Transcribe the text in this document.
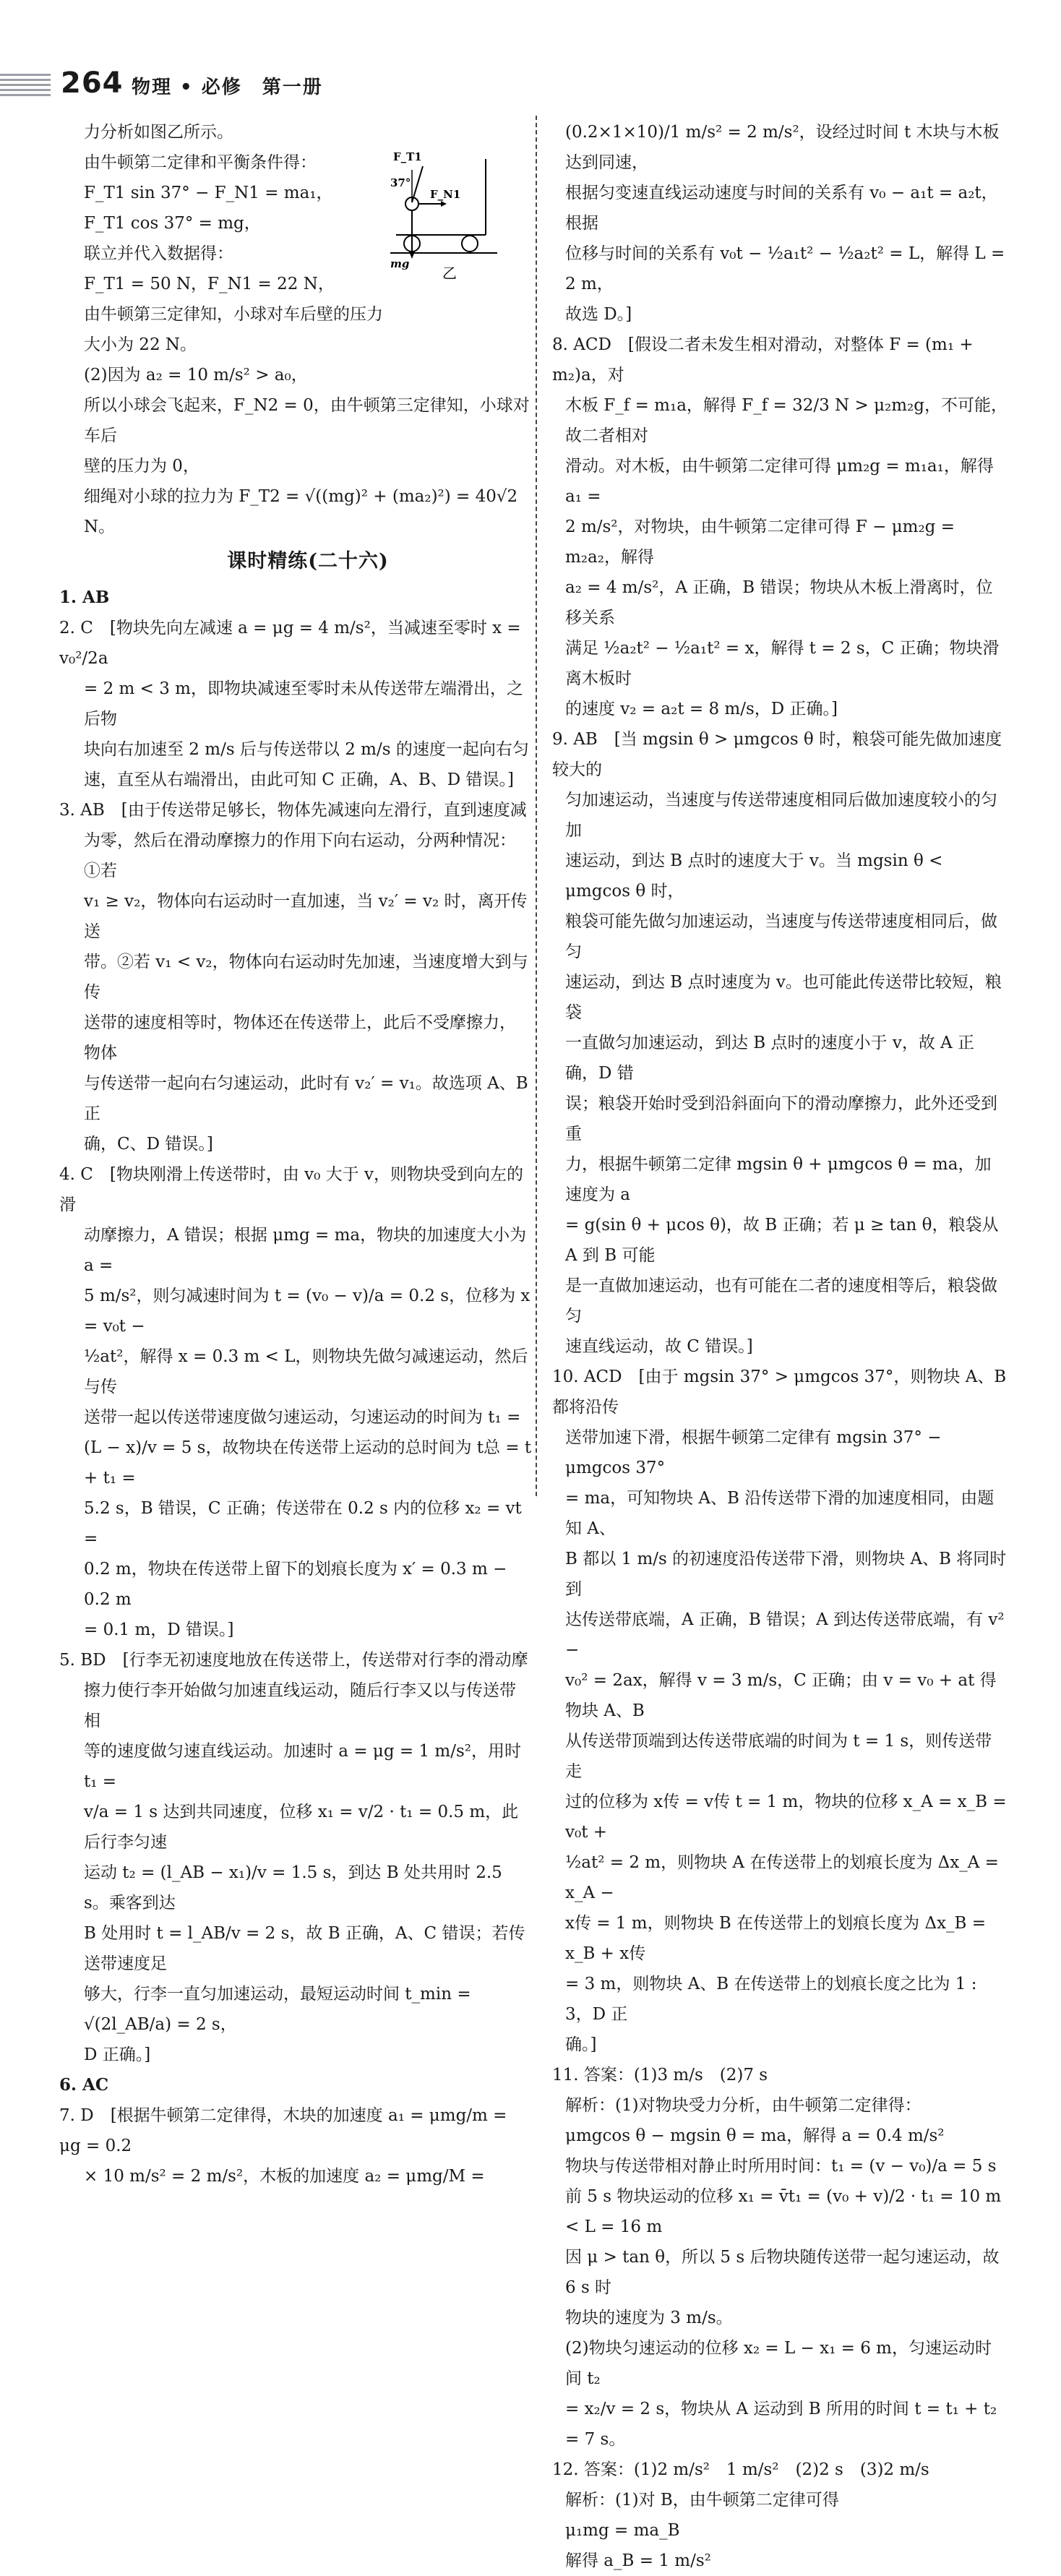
264 物理 • 必修　第一册
F_T1
37°
F_N1
mg
乙

力分析如图乙所示。

由牛顿第二定律和平衡条件得：

F_T1 sin 37° − F_N1 = ma₁，

F_T1 cos 37° = mg，

联立并代入数据得：

F_T1 = 50 N，F_N1 = 22 N，

由牛顿第三定律知，小球对车后壁的压力

大小为 22 N。

(2)因为 a₂ = 10 m/s² > a₀，

所以小球会飞起来，F_N2 = 0，由牛顿第三定律知，小球对车后

壁的压力为 0，

细绳对小球的拉力为 F_T2 = √((mg)² + (ma₂)²) = 40√2 N。

课时精练(二十六)

1. AB

2. C　[物块先向左减速 a = μg = 4 m/s²，当减速至零时 x = v₀²/2a

= 2 m < 3 m，即物块减速至零时未从传送带左端滑出，之后物

块向右加速至 2 m/s 后与传送带以 2 m/s 的速度一起向右匀

速，直至从右端滑出，由此可知 C 正确，A、B、D 错误。]

3. AB　[由于传送带足够长，物体先减速向左滑行，直到速度减

为零，然后在滑动摩擦力的作用下向右运动，分两种情况：①若

v₁ ≥ v₂，物体向右运动时一直加速，当 v₂′ = v₂ 时，离开传送

带。②若 v₁ < v₂，物体向右运动时先加速，当速度增大到与传

送带的速度相等时，物体还在传送带上，此后不受摩擦力，物体

与传送带一起向右匀速运动，此时有 v₂′ = v₁。故选项 A、B 正

确，C、D 错误。]

4. C　[物块刚滑上传送带时，由 v₀ 大于 v，则物块受到向左的滑

动摩擦力，A 错误；根据 μmg = ma，物块的加速度大小为 a =

5 m/s²，则匀减速时间为 t = (v₀ − v)/a = 0.2 s，位移为 x = v₀t −

½at²，解得 x = 0.3 m < L，则物块先做匀减速运动，然后与传

送带一起以传送带速度做匀速运动，匀速运动的时间为 t₁ =

(L − x)/v = 5 s，故物块在传送带上运动的总时间为 t总 = t + t₁ =

5.2 s，B 错误，C 正确；传送带在 0.2 s 内的位移 x₂ = vt =

0.2 m，物块在传送带上留下的划痕长度为 x′ = 0.3 m − 0.2 m

= 0.1 m，D 错误。]

5. BD　[行李无初速度地放在传送带上，传送带对行李的滑动摩

擦力使行李开始做匀加速直线运动，随后行李又以与传送带相

等的速度做匀速直线运动。加速时 a = μg = 1 m/s²，用时 t₁ =

v/a = 1 s 达到共同速度，位移 x₁ = v/2 · t₁ = 0.5 m，此后行李匀速

运动 t₂ = (l_AB − x₁)/v = 1.5 s，到达 B 处共用时 2.5 s。乘客到达

B 处用时 t = l_AB/v = 2 s，故 B 正确，A、C 错误；若传送带速度足

够大，行李一直匀加速运动，最短运动时间 t_min = √(2l_AB/a) = 2 s，

D 正确。]

6. AC

7. D　[根据牛顿第二定律得，木块的加速度 a₁ = μmg/m = μg = 0.2

× 10 m/s² = 2 m/s²，木板的加速度 a₂ = μmg/M =

(0.2×1×10)/1 m/s² = 2 m/s²，设经过时间 t 木块与木板达到同速，

根据匀变速直线运动速度与时间的关系有 v₀ − a₁t = a₂t，根据

位移与时间的关系有 v₀t − ½a₁t² − ½a₂t² = L，解得 L = 2 m，

故选 D。]

8. ACD　[假设二者未发生相对滑动，对整体 F = (m₁ + m₂)a，对

木板 F_f = m₁a，解得 F_f = 32/3 N > μ₂m₂g，不可能，故二者相对

滑动。对木板，由牛顿第二定律可得 μm₂g = m₁a₁，解得 a₁ =

2 m/s²，对物块，由牛顿第二定律可得 F − μm₂g = m₂a₂，解得

a₂ = 4 m/s²，A 正确，B 错误；物块从木板上滑离时，位移关系

满足 ½a₂t² − ½a₁t² = x，解得 t = 2 s，C 正确；物块滑离木板时

的速度 v₂ = a₂t = 8 m/s，D 正确。]

9. AB　[当 mgsin θ > μmgcos θ 时，粮袋可能先做加速度较大的

匀加速运动，当速度与传送带速度相同后做加速度较小的匀加

速运动，到达 B 点时的速度大于 v。当 mgsin θ < μmgcos θ 时，

粮袋可能先做匀加速运动，当速度与传送带速度相同后，做匀

速运动，到达 B 点时速度为 v。也可能此传送带比较短，粮袋

一直做匀加速运动，到达 B 点时的速度小于 v，故 A 正确，D 错

误；粮袋开始时受到沿斜面向下的滑动摩擦力，此外还受到重

力，根据牛顿第二定律 mgsin θ + μmgcos θ = ma，加速度为 a

= g(sin θ + μcos θ)，故 B 正确；若 μ ≥ tan θ，粮袋从 A 到 B 可能

是一直做加速运动，也有可能在二者的速度相等后，粮袋做匀

速直线运动，故 C 错误。]

10. ACD　[由于 mgsin 37° > μmgcos 37°，则物块 A、B 都将沿传

送带加速下滑，根据牛顿第二定律有 mgsin 37° − μmgcos 37°

= ma，可知物块 A、B 沿传送带下滑的加速度相同，由题知 A、

B 都以 1 m/s 的初速度沿传送带下滑，则物块 A、B 将同时到

达传送带底端，A 正确，B 错误；A 到达传送带底端，有 v² −

v₀² = 2ax，解得 v = 3 m/s，C 正确；由 v = v₀ + at 得物块 A、B

从传送带顶端到达传送带底端的时间为 t = 1 s，则传送带走

过的位移为 x传 = v传 t = 1 m，物块的位移 x_A = x_B = v₀t +

½at² = 2 m，则物块 A 在传送带上的划痕长度为 Δx_A = x_A −

x传 = 1 m，则物块 B 在传送带上的划痕长度为 Δx_B = x_B + x传

= 3 m，则物块 A、B 在传送带上的划痕长度之比为 1 : 3，D 正

确。]

11. 答案：(1)3 m/s　(2)7 s

解析：(1)对物块受力分析，由牛顿第二定律得：

μmgcos θ − mgsin θ = ma，解得 a = 0.4 m/s²

物块与传送带相对静止时所用时间：t₁ = (v − v₀)/a = 5 s

前 5 s 物块运动的位移 x₁ = v̄t₁ = (v₀ + v)/2 · t₁ = 10 m < L = 16 m

因 μ > tan θ，所以 5 s 后物块随传送带一起匀速运动，故 6 s 时

物块的速度为 3 m/s。

(2)物块匀速运动的位移 x₂ = L − x₁ = 6 m，匀速运动时间 t₂

= x₂/v = 2 s，物块从 A 运动到 B 所用的时间 t = t₁ + t₂ = 7 s。

12. 答案：(1)2 m/s²　1 m/s²　(2)2 s　(3)2 m/s

解析：(1)对 B，由牛顿第二定律可得

μ₁mg = ma_B

解得 a_B = 1 m/s²
